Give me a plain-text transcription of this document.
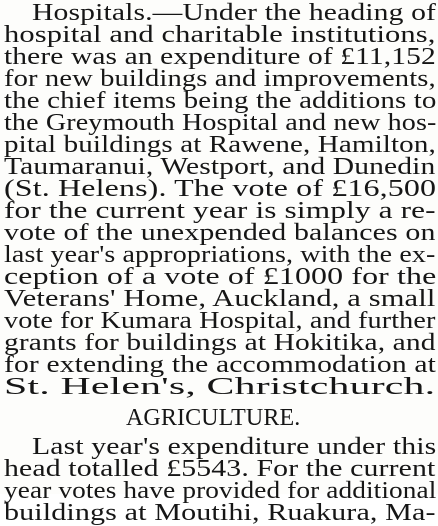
Hospitals.—Under the heading of
hospital and charitable institutions,
there was an expenditure of £11,152
for new buildings and improvements,
the chief items being the additions to
the Greymouth Hospital and new hos-
pital buildings at Rawene, Hamilton,
Taumaranui, Westport, and Dunedin
(St. Helens). The vote of £16,500
for the current year is simply a re-
vote of the unexpended balances on
last year's appropriations, with the ex-
ception of a vote of £1000 for the
Veterans' Home, Auckland, a small
vote for Kumara Hospital, and further
grants for buildings at Hokitika, and
for extending the accommodation at
St. Helen's, Christchurch.
AGRICULTURE.
Last year's expenditure under this
head totalled £5543. For the current
year votes have provided for additional
buildings at Moutihi, Ruakura, Ma-
